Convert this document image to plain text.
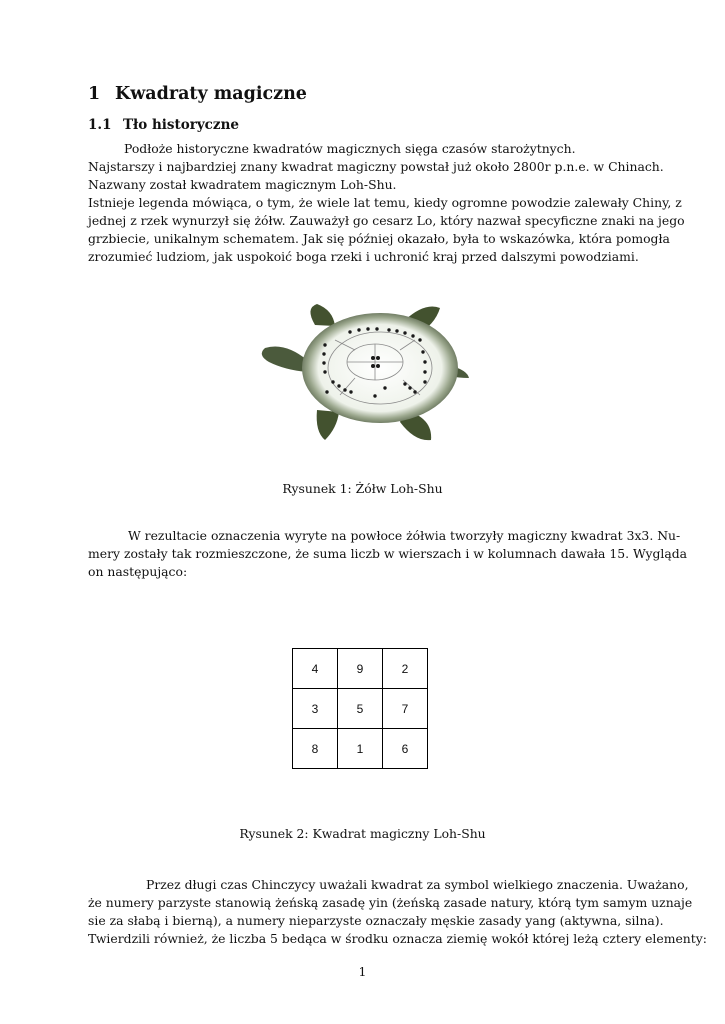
1 Kwadraty magiczne
1.1 Tło historyczne
Podłoże historyczne kwadratów magicznych sięga czasów starożytnych.
Najstarszy i najbardziej znany kwadrat magiczny powstał już około 2800r p.n.e. w Chinach.
Nazwany został kwadratem magicznym Loh-Shu.
Istnieje legenda mówiąca, o tym, że wiele lat temu, kiedy ogromne powodzie zalewały Chiny, z
jednej z rzek wynurzył się żółw. Zauważył go cesarz Lo, który nazwał specyficzne znaki na jego
grzbiecie, unikalnym schematem. Jak się później okazało, była to wskazówka, która pomogła
zrozumieć ludziom, jak uspokoić boga rzeki i uchronić kraj przed dalszymi powodziami.
Rysunek 1: Żółw Loh-Shu
W rezultacie oznaczenia wyryte na powłoce żółwia tworzyły magiczny kwadrat 3x3. Nu-
mery zostały tak rozmieszczone, że suma liczb w wierszach i w kolumnach dawała 15. Wygląda
on następująco:
4	9	2
3	5	7
8	1	6
Rysunek 2: Kwadrat magiczny Loh-Shu
Przez długi czas Chinczycy uważali kwadrat za symbol wielkiego znaczenia. Uważano,
że numery parzyste stanowią żeńską zasadę yin (żeńską zasade natury, którą tym samym uznaje
sie za słabą i bierną), a numery nieparzyste oznaczały męskie zasady yang (aktywna, silna).
Twierdzili również, że liczba 5 bedąca w środku oznacza ziemię wokół której leżą cztery elementy:
1
